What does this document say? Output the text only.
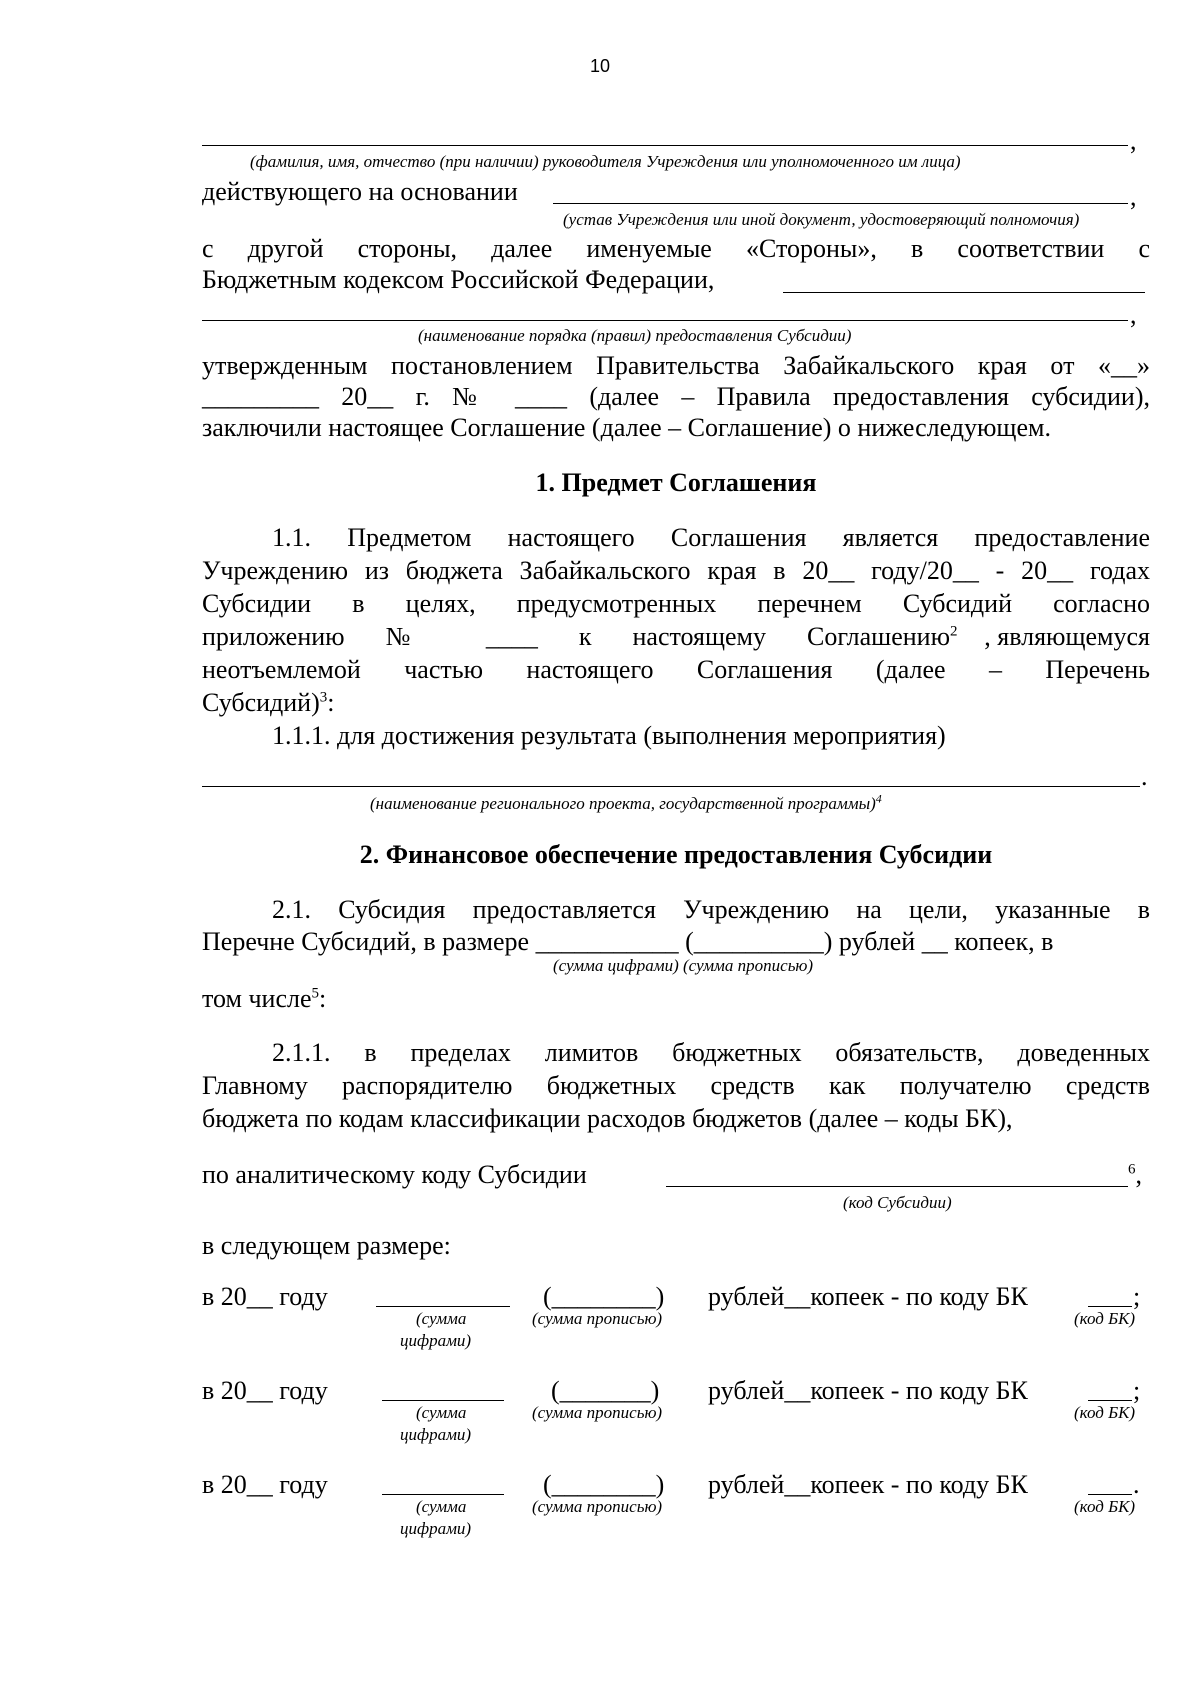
10
,
(фамилия, имя, отчество (при наличии) руководителя Учреждения или уполномоченного им лица)
действующего на основании	,
(устав Учреждения или иной документ, удостоверяющий полномочия)
с другой стороны, далее именуемые «Стороны», в соответствии с
Бюджетным кодексом Российской Федерации,
,
(наименование порядка (правил) предоставления Субсидии)
утвержденным постановлением Правительства Забайкальского края от «__»
_________ 20__ г. № ____ (далее – Правила предоставления субсидии),
заключили настоящее Соглашение (далее – Соглашение) о нижеследующем.
1. Предмет Соглашения
1.1. Предметом настоящего Соглашения является предоставление
Учреждению из бюджета Забайкальского края в 20__ году/20__ - 20__ годах
Субсидии в целях, предусмотренных перечнем Субсидий согласно
приложению № ____ к настоящему Соглашению$^2$ , являющемуся
неотъемлемой частью настоящего Соглашения (далее – Перечень
Субсидий)$^3$:
1.1.1. для достижения результата (выполнения мероприятия)
.
(наименование регионального проекта, государственной программы)$^4$
2. Финансовое обеспечение предоставления Субсидии
2.1. Субсидия предоставляется Учреждению на цели, указанные в
Перечне Субсидий, в размере ___________ (__________) рублей __ копеек, в
(сумма цифрами) (сумма прописью)
том числе$^5$:
2.1.1. в пределах лимитов бюджетных обязательств, доведенных
Главному распорядителю бюджетных средств как получателю средств
бюджета по кодам классификации расходов бюджетов (далее – коды БК),
по аналитическому коду Субсидии	$^6$,
(код Субсидии)
в следующем размере:
в 20__ году	(________) рублей__копеек - по коду БК	;
(сумма
цифрами)
(сумма прописью)	(код БК)
в 20__ году	(_______) рублей__копеек - по коду БК	;
(сумма
цифрами)
(сумма прописью)	(код БК)
в 20__ году	(________) рублей__копеек - по коду БК	.
(сумма
цифрами)
(сумма прописью)	(код БК)
